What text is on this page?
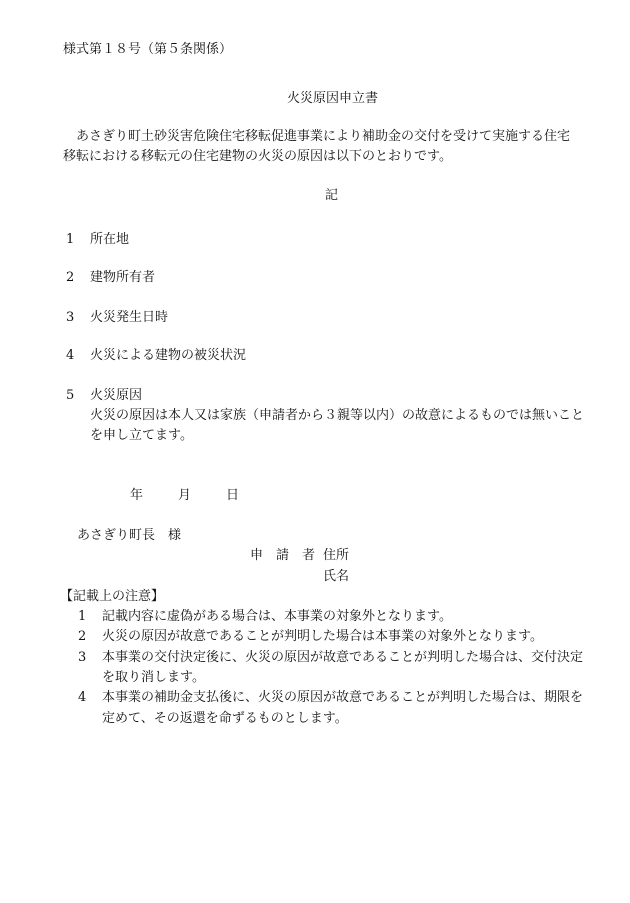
様式第１８号（第５条関係）
火災原因申立書
あさぎり町土砂災害危険住宅移転促進事業により補助金の交付を受けて実施する住宅
移転における移転元の住宅建物の火災の原因は以下のとおりです。
記
1 所在地
2 建物所有者
3 火災発生日時
4 火災による建物の被災状況
5 火災原因
火災の原因は本人又は家族（申請者から３親等以内）の故意によるものでは無いこと
を申し立てます。
年	月	日
あさぎり町長　様
申　請　者 住所
氏名
【記載上の注意】
1 記載内容に虚偽がある場合は、本事業の対象外となります。
2 火災の原因が故意であることが判明した場合は本事業の対象外となります。
3 本事業の交付決定後に、火災の原因が故意であることが判明した場合は、交付決定
を取り消します。
4 本事業の補助金支払後に、火災の原因が故意であることが判明した場合は、期限を
定めて、その返還を命ずるものとします。
